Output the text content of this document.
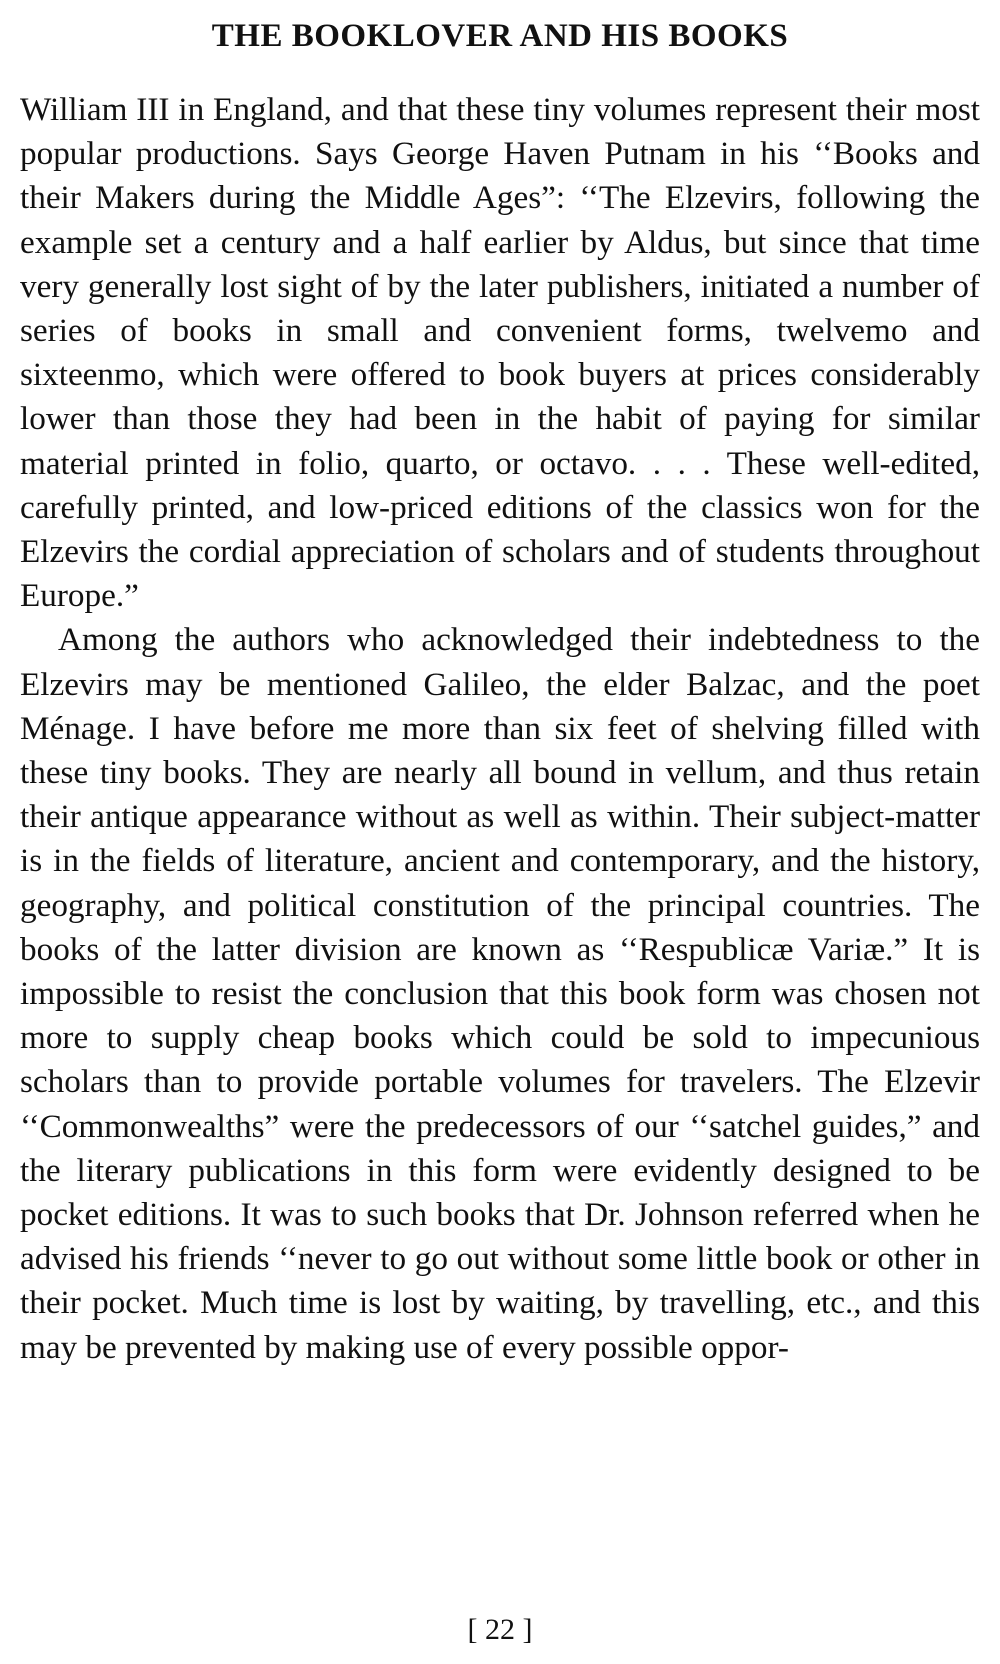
THE BOOKLOVER AND HIS BOOKS

William III in England, and that these tiny volumes represent their most popular productions. Says George Haven Putnam in his ‘‘Books and their Makers during the Middle Ages”: ‘‘The Elzevirs, following the example set a century and a half earlier by Aldus, but since that time very generally lost sight of by the later publishers, initiated a number of series of books in small and convenient forms, twelvemo and sixteenmo, which were offered to book buyers at prices considerably lower than those they had been in the habit of paying for similar material printed in folio, quarto, or octavo. . . . These well-edited, carefully printed, and low-priced editions of the classics won for the Elzevirs the cordial appreciation of scholars and of students throughout Europe.”

Among the authors who acknowledged their indebtedness to the Elzevirs may be mentioned Galileo, the elder Balzac, and the poet Ménage. I have before me more than six feet of shelving filled with these tiny books. They are nearly all bound in vellum, and thus retain their antique appearance without as well as within. Their subject-matter is in the fields of literature, ancient and contemporary, and the history, geography, and political constitution of the principal countries. The books of the latter division are known as ‘‘Respublicæ Variæ.” It is impossible to resist the conclusion that this book form was chosen not more to supply cheap books which could be sold to impecunious scholars than to provide portable volumes for travelers. The Elzevir ‘‘Commonwealths” were the predecessors of our ‘‘satchel guides,” and the literary publications in this form were evidently designed to be pocket editions. It was to such books that Dr. Johnson referred when he advised his friends ‘‘never to go out without some little book or other in their pocket. Much time is lost by waiting, by travelling, etc., and this may be prevented by making use of every possible oppor-

[ 22 ]
